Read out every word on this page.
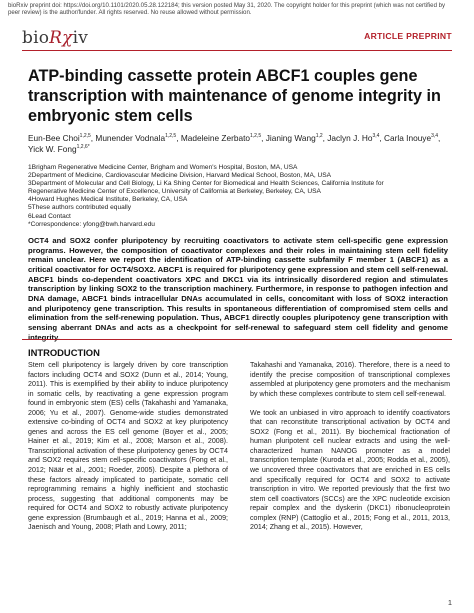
bioRxiv preprint doi: https://doi.org/10.1101/2020.05.28.122184; this version posted May 31, 2020. The copyright holder for this preprint (which was not certified by peer review) is the author/funder. All rights reserved. No reuse allowed without permission.
bioRχiv	ARTICLE PREPRINT
ATP-binding cassette protein ABCF1 couples gene transcription with maintenance of genome integrity in embryonic stem cells
Eun-Bee Choi$^{1,2,5}$, Munender Vodnala$^{1,2,5}$, Madeleine Zerbato$^{1,2,5}$, Jianing Wang$^{1,2}$, Jaclyn J. Ho$^{3,4}$, Carla Inouye$^{3,4}$, Yick W. Fong$^{1,2,6*}$
1Brigham Regenerative Medicine Center, Brigham and Women's Hospital, Boston, MA, USA
2Department of Medicine, Cardiovascular Medicine Division, Harvard Medical School, Boston, MA, USA
3Department of Molecular and Cell Biology, Li Ka Shing Center for Biomedical and Health Sciences, California Institute for
Regenerative Medicine Center of Excellence, University of California at Berkeley, Berkeley, CA, USA
4Howard Hughes Medical Institute, Berkeley, CA, USA
5These authors contributed equally
6Lead Contact
*Correspondence: yfong@bwh.harvard.edu
OCT4 and SOX2 confer pluripotency by recruiting coactivators to activate stem cell-specific gene expression programs. However, the composition of coactivator complexes and their roles in maintaining stem cell fidelity remain unclear. Here we report the identification of ATP-binding cassette subfamily F member 1 (ABCF1) as a critical coactivator for OCT4/SOX2. ABCF1 is required for pluripotency gene expression and stem cell self-renewal. ABCF1 binds co-dependent coactivators XPC and DKC1 via its intrinsically disordered region and stimulates transcription by linking SOX2 to the transcription machinery. Furthermore, in response to pathogen infection and DNA damage, ABCF1 binds intracellular DNAs accumulated in cells, concomitant with loss of SOX2 interaction and pluripotency gene transcription. This results in spontaneous differentiation of compromised stem cells and elimination from the self-renewing population. Thus, ABCF1 directly couples pluripotency gene transcription with sensing aberrant DNAs and acts as a checkpoint for self-renewal to safeguard stem cell fidelity and genome integrity.
INTRODUCTION

Stem cell pluripotency is largely driven by core transcription factors including OCT4 and SOX2 (Dunn et al., 2014; Young, 2011). This is exemplified by their ability to induce pluripotency in somatic cells, by reactivating a gene expression program found in embryonic stem (ES) cells (Takahashi and Yamanaka, 2006; Yu et al., 2007). Genome-wide studies demonstrated extensive co-binding of OCT4 and SOX2 at key pluripotency genes and across the ES cell genome (Boyer et al., 2005; Hainer et al., 2019; Kim et al., 2008; Marson et al., 2008). Transcriptional activation of these pluripotency genes by OCT4 and SOX2 requires stem cell-specific coactivators (Fong et al., 2012; Näär et al., 2001; Roeder, 2005). Despite a plethora of these factors already implicated to participate, somatic cell reprogramming remains a highly inefficient and stochastic process, suggesting that additional components may be required for OCT4 and SOX2 to robustly activate pluripotency gene expression (Brumbaugh et al., 2019; Hanna et al., 2009; Jaenisch and Young, 2008; Plath and Lowry, 2011;

Takahashi and Yamanaka, 2016). Therefore, there is a need to identify the precise composition of transcriptional complexes assembled at pluripotency gene promoters and the mechanism by which these complexes contribute to stem cell self-renewal.

We took an unbiased in vitro approach to identify coactivators that can reconstitute transcriptional activation by OCT4 and SOX2 (Fong et al., 2011). By biochemical fractionation of human pluripotent cell nuclear extracts and using the well-characterized human NANOG promoter as a model transcription template (Kuroda et al., 2005; Rodda et al., 2005), we uncovered three coactivators that are enriched in ES cells and specifically required for OCT4 and SOX2 to activate transcription in vitro. We reported previously that the first two stem cell coactivators (SCCs) are the XPC nucleotide excision repair complex and the dyskerin (DKC1) ribonucleoprotein complex (RNP) (Cattoglio et al., 2015; Fong et al., 2011, 2013, 2014; Zhang et al., 2015). However,

1
